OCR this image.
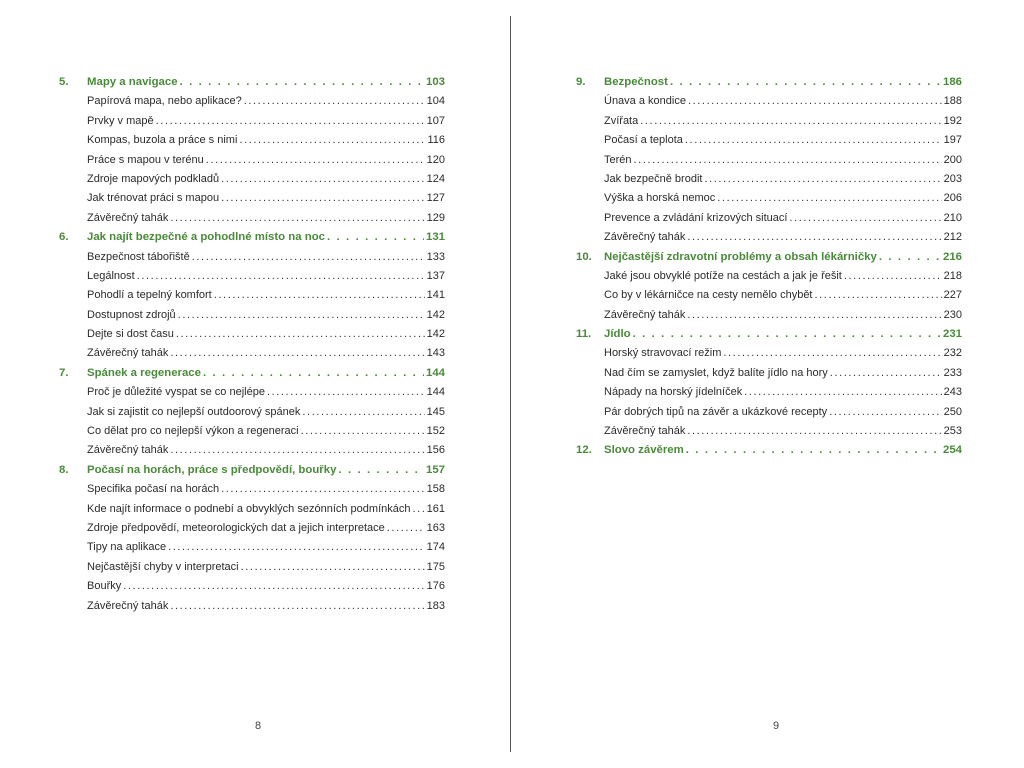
5.	Mapy a navigace . . .	103
Papírová mapa, nebo aplikace? .....	104
Prvky v mapě .....	107
Kompas, buzola a práce s nimi .....	116
Práce s mapou v terénu .....	120
Zdroje mapových podkladů .....	124
Jak trénovat práci s mapou .....	127
Závěrečný tahák .....	129
6.	Jak najít bezpečné a pohodlné místo na noc . . .	131
Bezpečnost tábořiště .....	133
Legálnost .....	137
Pohodlí a tepelný komfort .....	141
Dostupnost zdrojů .....	142
Dejte si dost času .....	142
Závěrečný tahák .....	143
7.	Spánek a regenerace . . .	144
Proč je důležité vyspat se co nejlépe .....	144
Jak si zajistit co nejlepší outdoorový spánek .....	145
Co dělat pro co nejlepší výkon a regeneraci .....	152
Závěrečný tahák .....	156
8.	Počasí na horách, práce s předpovědí, bouřky . . .	157
Specifika počasí na horách .....	158
Kde najít informace o podnebí a obvyklých sezónních podmínkách ..... 161
Zdroje předpovědí, meteorologických dat a jejich interpretace .....	163
Tipy na aplikace .....	174
Nejčastější chyby v interpretaci .....	175
Bouřky .....	176
Závěrečný tahák .....	183
9.	Bezpečnost . . .	186
Únava a kondice .....	188
Zvířata .....	192
Počasí a teplota .....	197
Terén .....	200
Jak bezpečně brodit .....	203
Výška a horská nemoc .....	206
Prevence a zvládání krizových situací .....	210
Závěrečný tahák .....	212
10.	Nejčastější zdravotní problémy a obsah lékárničky . . .	216
Jaké jsou obvyklé potíže na cestách a jak je řešit .....	218
Co by v lékárničce na cesty nemělo chybět .....	227
Závěrečný tahák .....	230
11.	Jídlo . . .	231
Horský stravovací režim .....	232
Nad čím se zamyslet, když balíte jídlo na hory .....	233
Nápady na horský jídelníček .....	243
Pár dobrých tipů na závěr a ukázkové recepty .....	250
Závěrečný tahák .....	253
12.	Slovo závěrem . . .	254
8	9
